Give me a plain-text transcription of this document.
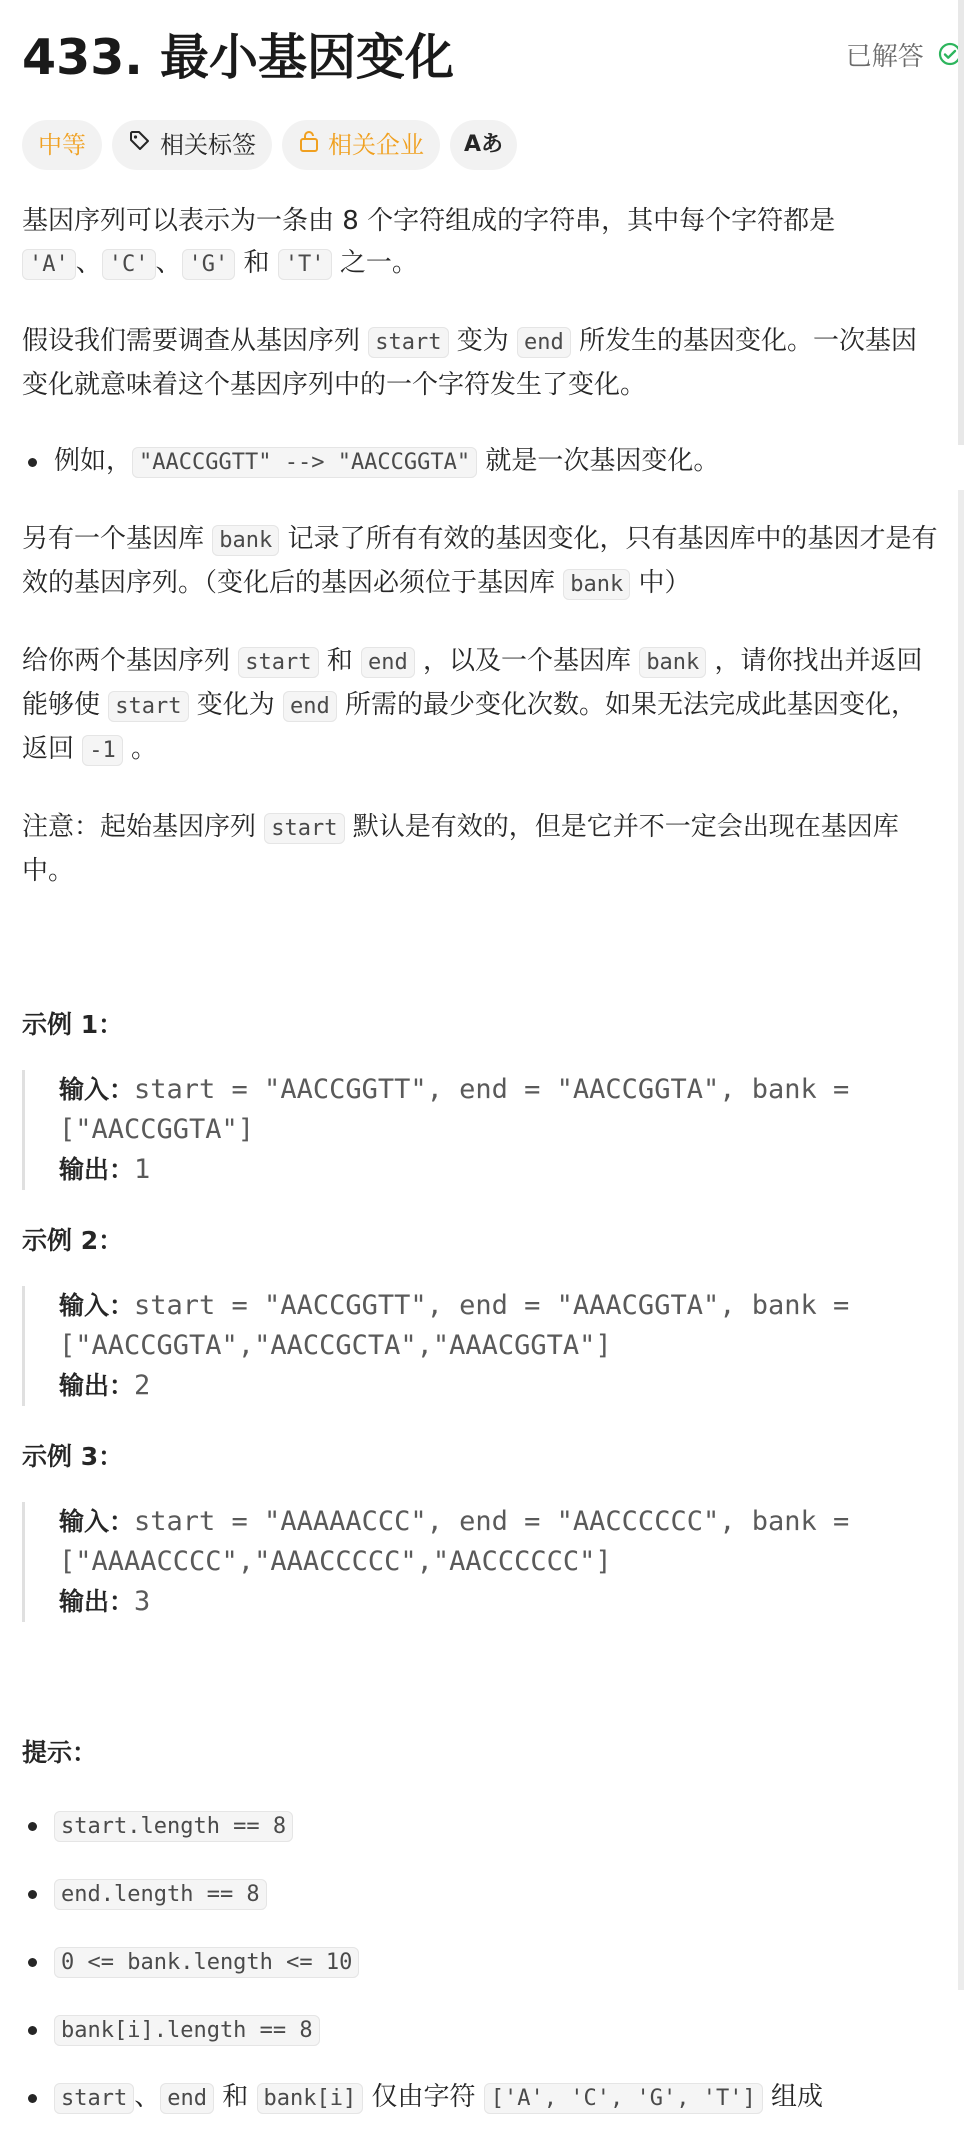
433. 最小基因变化	已解答
中等	相关标签	相关企业 Aあ

基因序列可以表示为一条由 8 个字符组成的字符串，其中每个字符都是 'A' 、 'C' 、 'G' 和 'T' 之一。

假设我们需要调查从基因序列 start 变为 end 所发生的基因变化。一次基因变化就意味着这个基因序列中的一个字符发生了变化。

例如， "AACCGGTT" --> "AACCGGTA" 就是一次基因变化。

另有一个基因库 bank 记录了所有有效的基因变化，只有基因库中的基因才是有效的基因序列。（变化后的基因必须位于基因库 bank 中）

给你两个基因序列 start 和 end ，以及一个基因库 bank ，请你找出并返回能够使 start 变化为 end 所需的最少变化次数。如果无法完成此基因变化，返回 -1 。

注意：起始基因序列 start 默认是有效的，但是它并不一定会出现在基因库中。

示例 1：
输入：start = "AACCGGTT", end = "AACCGGTA", bank = ["AACCGGTA"]
输出：1
示例 2：
输入：start = "AACCGGTT", end = "AAACGGTA", bank = ["AACCGGTA","AACCGCTA","AAACGGTA"]
输出：2
示例 3：
输入：start = "AAAAACCC", end = "AACCCCCC", bank = ["AAAACCCC","AAACCCCC","AACCCCCC"]
输出：3
提示：
start.length == 8
end.length == 8
0 <= bank.length <= 10
bank[i].length == 8
start 、 end 和 bank[i] 仅由字符 ['A', 'C', 'G', 'T'] 组成
